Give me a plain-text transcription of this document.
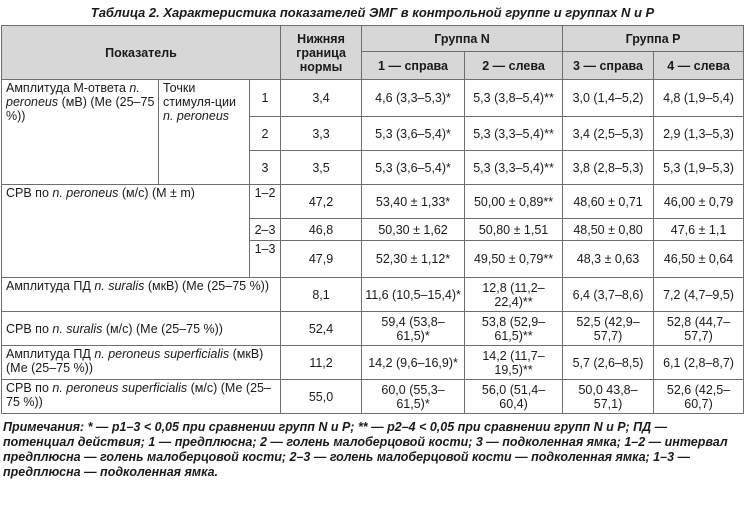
Таблица 2. Характеристика показателей ЭМГ в контрольной группе и группах N и P
Показатель			Нижняя граница нормы	Группа N		Группа P	
				1 — справа	2 — слева	3 — справа	4 — слева
Амплитуда М-ответа n. peroneus (мВ) (Ме (25–75 %))	Точки стимуля-ции n. peroneus	1	3,4	4,6 (3,3–5,3)*	5,3 (3,8–5,4)**	3,0 (1,4–5,2)	4,8 (1,9–5,4)
		2	3,3	5,3 (3,6–5,4)*	5,3 (3,3–5,4)**	3,4 (2,5–5,3)	2,9 (1,3–5,3)
		3	3,5	5,3 (3,6–5,4)*	5,3 (3,3–5,4)**	3,8 (2,8–5,3)	5,3 (1,9–5,3)
СРВ по n. peroneus (м/с) (M ± m)		1–2	47,2	53,40 ± 1,33*	50,00 ± 0,89**	48,60 ± 0,71	46,00 ± 0,79
		2–3	46,8	50,30 ± 1,62	50,80 ± 1,51	48,50 ± 0,80	47,6 ± 1,1
		1–3	47,9	52,30 ± 1,12*	49,50 ± 0,79**	48,3 ± 0,63	46,50 ± 0,64
Амплитуда ПД n. suralis (мкВ) (Ме (25–75 %))			8,1	11,6 (10,5–15,4)*	12,8 (11,2–22,4)**	6,4 (3,7–8,6)	7,2 (4,7–9,5)
СРВ по n. suralis (м/с) (Ме (25–75 %))			52,4	59,4 (53,8–61,5)*	53,8 (52,9–61,5)**	52,5 (42,9–57,7)	52,8 (44,7–57,7)
Амплитуда ПД n. peroneus superficialis (мкВ) (Ме (25–75 %))			11,2	14,2 (9,6–16,9)*	14,2 (11,7–19,5)**	5,7 (2,6–8,5)	6,1 (2,8–8,7)
СРВ по n. peroneus superficialis (м/с) (Ме (25–75 %))			55,0	60,0 (55,3–61,5)*	56,0 (51,4–60,4)	50,0 43,8–57,1)	52,6 (42,5–60,7)

Примечания: * — p1–3 < 0,05 при сравнении групп N и P; ** — p2–4 < 0,05 при сравнении групп N и P; ПД — потенциал действия; 1 — предплюсна; 2 — голень малоберцовой кости; 3 — подколенная ямка; 1–2 — интервал предплюсна — голень малоберцовой кости; 2–3 — голень малоберцовой кости — подколенная ямка; 1–3 — предплюсна — подколенная ямка.
